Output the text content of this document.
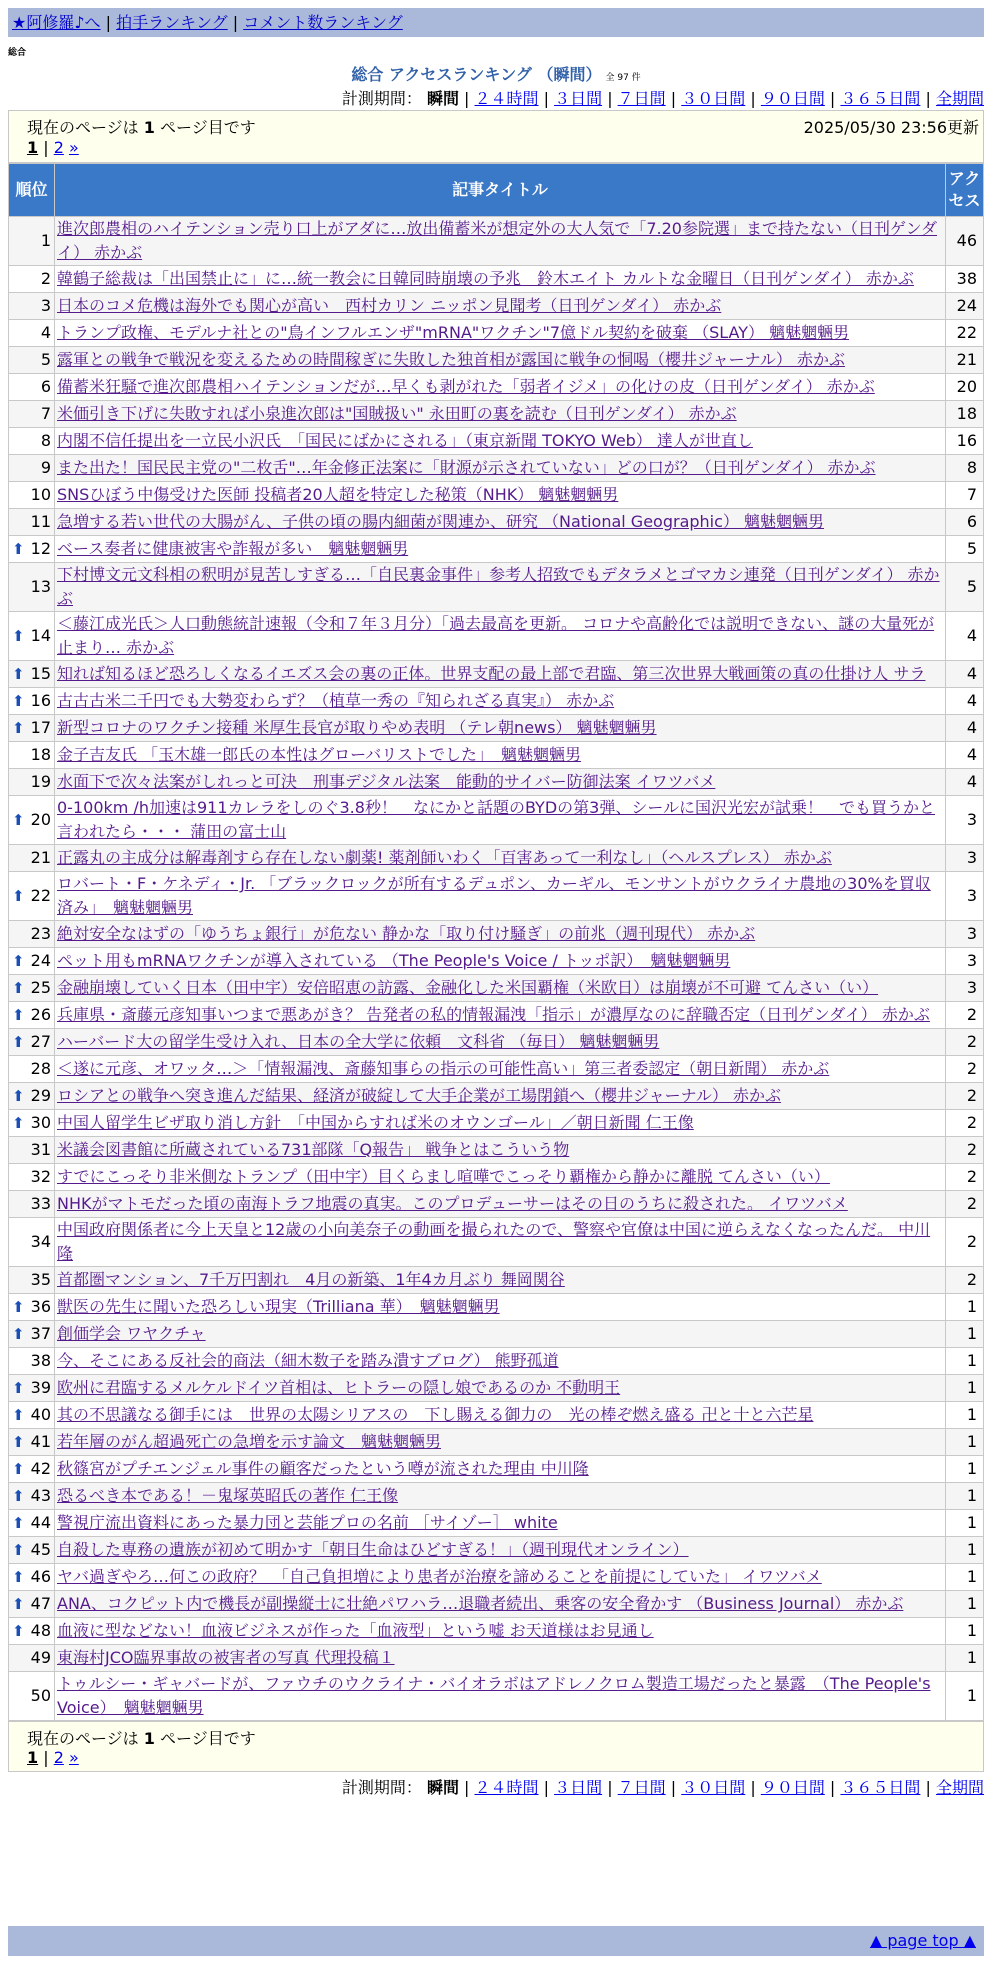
★阿修羅♪へ | 拍手ランキング | コメント数ランキング
総合
総合 アクセスランキング （瞬間） 全 97 件
計測期間： 瞬間 | ２４時間 | ３日間 | ７日間 | ３０日間 | ９０日間 | ３６５日間 | 全期間
現在のページは 1 ページ目です	2025/05/30 23:56更新
1 | 2 »
順位	記事タイトル	アクセス
1	進次郎農相のハイテンション売り口上がアダに…放出備蓄米が想定外の大人気で「7.20参院選」まで持たない（日刊ゲンダイ） 赤かぶ	46
2	韓鶴子総裁は「出国禁止に」に…統一教会に日韓同時崩壊の予兆　鈴木エイト カルトな金曜日（日刊ゲンダイ） 赤かぶ	38
3	日本のコメ危機は海外でも関心が高い　西村カリン ニッポン見聞考（日刊ゲンダイ） 赤かぶ	24
4	トランプ政権、モデルナ社との"鳥インフルエンザ"mRNA"ワクチン"7億ドル契約を破棄 （SLAY） 魑魅魍魎男	22
5	露軍との戦争で戦況を変えるための時間稼ぎに失敗した独首相が露国に戦争の恫喝（櫻井ジャーナル） 赤かぶ	21
6	備蓄米狂騒で進次郎農相ハイテンションだが…早くも剥がれた「弱者イジメ」の化けの皮（日刊ゲンダイ） 赤かぶ	20
7	米価引き下げに失敗すれば小泉進次郎は"国賊扱い" 永田町の裏を読む（日刊ゲンダイ） 赤かぶ	18
8	内閣不信任提出を一立民小沢氏　「国民にばかにされる」（東京新聞 TOKYO Web） 達人が世直し	16
9	また出た！国民民主党の"二枚舌"…年金修正法案に「財源が示されていない」どの口が？（日刊ゲンダイ） 赤かぶ	8
10	SNSひぼう中傷受けた医師 投稿者20人超を特定した秘策（NHK） 魑魅魍魎男	7
11	急増する若い世代の大腸がん、子供の頃の腸内細菌が関連か、研究 （National Geographic） 魑魅魍魎男	6

⬆ 12	ベース奏者に健康被害や詐報が多い　魑魅魍魎男	5
13	下村博文元文科相の釈明が見苦しすぎる…「自民裏金事件」参考人招致でもデタラメとゴマカシ連発（日刊ゲンダイ） 赤かぶ	5

⬆ 14	＜藤江成光氏＞人口動態統計速報（令和７年３月分）「過去最高を更新。 コロナや高齢化では説明できない、謎の大量死が止まり… 赤かぶ	4

⬆ 15	知れば知るほど恐ろしくなるイエズス会の裏の正体。世界支配の最上部で君臨、第三次世界大戦画策の真の仕掛け人 サラ	4

⬆ 16	古古古米二千円でも大勢変わらず？（植草一秀の『知られざる真実』） 赤かぶ	4

⬆ 17	新型コロナのワクチン接種 米厚生長官が取りやめ表明 （テレ朝news） 魑魅魍魎男	4
18	金子吉友氏 「玉木雄一郎氏の本性はグローバリストでした」　魑魅魍魎男	4
19	水面下で次々法案がしれっと可決　刑事デジタル法案　能動的サイバー防御法案 イワツバメ	4

⬆ 20	0-100km /h加速は911カレラをしのぐ3.8秒！　なにかと話題のBYDの第3弾、シールに国沢光宏が試乗！　でも買うかと言われたら・・・ 蒲田の富士山	3
21	正露丸の主成分は解毒剤すら存在しない劇薬! 薬剤師いわく「百害あって一利なし」（ヘルスプレス） 赤かぶ	3

⬆ 22	ロバート・F・ケネディ・Jr. 「ブラックロックが所有するデュポン、カーギル、モンサントがウクライナ農地の30%を買収済み」　魑魅魍魎男	3
23	絶対安全なはずの「ゆうちょ銀行」が危ない 静かな「取り付け騒ぎ」の前兆（週刊現代） 赤かぶ	3

⬆ 24	ペット用もmRNAワクチンが導入されている （The People's Voice / トッポ訳）　魑魅魍魎男	3

⬆ 25	金融崩壊していく日本（田中宇）安倍昭恵の訪露、金融化した米国覇権（米欧日）は崩壊が不可避 てんさい（い）	3

⬆ 26	兵庫県・斎藤元彦知事いつまで悪あがき？ 告発者の私的情報漏洩「指示」が濃厚なのに辞職否定（日刊ゲンダイ） 赤かぶ	2

⬆ 27	ハーバード大の留学生受け入れ、日本の全大学に依頼　文科省 （毎日） 魑魅魍魎男	2
28	＜遂に元彦、オワッタ…＞「情報漏洩、斎藤知事らの指示の可能性高い」第三者委認定（朝日新聞） 赤かぶ	2

⬆ 29	ロシアとの戦争へ突き進んだ結果、経済が破綻して大手企業が工場閉鎖へ（櫻井ジャーナル） 赤かぶ	2

⬆ 30	中国人留学生ビザ取り消し方針　「中国からすれば米のオウンゴール」／朝日新聞 仁王像	2
31	米議会図書館に所蔵されている731部隊「Q報告」 戦争とはこういう物	2
32	すでにこっそり非米側なトランプ（田中宇）目くらまし喧嘩でこっそり覇権から静かに離脱 てんさい（い）	2
33	NHKがマトモだった頃の南海トラフ地震の真実。このプロデューサーはその日のうちに殺された。 イワツバメ	2
34	中国政府関係者に今上天皇と12歳の小向美奈子の動画を撮られたので、警察や官僚は中国に逆らえなくなったんだ。 中川隆	2
35	首都圏マンション、7千万円割れ　4月の新築、1年4カ月ぶり 舞岡関谷	2

⬆ 36	獣医の先生に聞いた恐ろしい現実（Trilliana 華）　魑魅魍魎男	1

⬆ 37	創価学会 ワヤクチャ	1
38	今、そこにある反社会的商法（細木数子を踏み潰すブログ） 熊野孤道	1

⬆ 39	欧州に君臨するメルケルドイツ首相は、ヒトラーの隠し娘であるのか 不動明王	1

⬆ 40	其の不思議なる御手には　世界の太陽シリアスの　下し賜える御力の　光の棒ぞ燃え盛る 卍と十と六芒星	1

⬆ 41	若年層のがん超過死亡の急増を示す論文　魑魅魍魎男	1

⬆ 42	秋篠宮がプチエンジェル事件の顧客だったという噂が流された理由 中川隆	1

⬆ 43	恐るべき本である！－鬼塚英昭氏の著作 仁王像	1

⬆ 44	警視庁流出資料にあった暴力団と芸能プロの名前 ［サイゾー］ white	1

⬆ 45	自殺した専務の遺族が初めて明かす「朝日生命はひどすぎる！」（週刊現代オンライン）	1

⬆ 46	ヤバ過ぎやろ…何この政府？　「自己負担増により患者が治療を諦めることを前提にしていた」 イワツバメ	1

⬆ 47	ANA、コクピット内で機長が副操縦士に壮絶パワハラ…退職者続出、乗客の安全脅かす （Business Journal） 赤かぶ	1

⬆ 48	血液に型などない！血液ビジネスが作った「血液型」という嘘 お天道様はお見通し	1
49	東海村JCO臨界事故の被害者の写真 代理投稿１	1
50	トゥルシー・ギャバードが、ファウチのウクライナ・バイオラボはアドレノクロム製造工場だったと暴露　（The People's Voice）　魑魅魍魎男	1
現在のページは 1 ページ目です
1 | 2 »
計測期間： 瞬間 | ２４時間 | ３日間 | ７日間 | ３０日間 | ９０日間 | ３６５日間 | 全期間
▲ page top ▲
